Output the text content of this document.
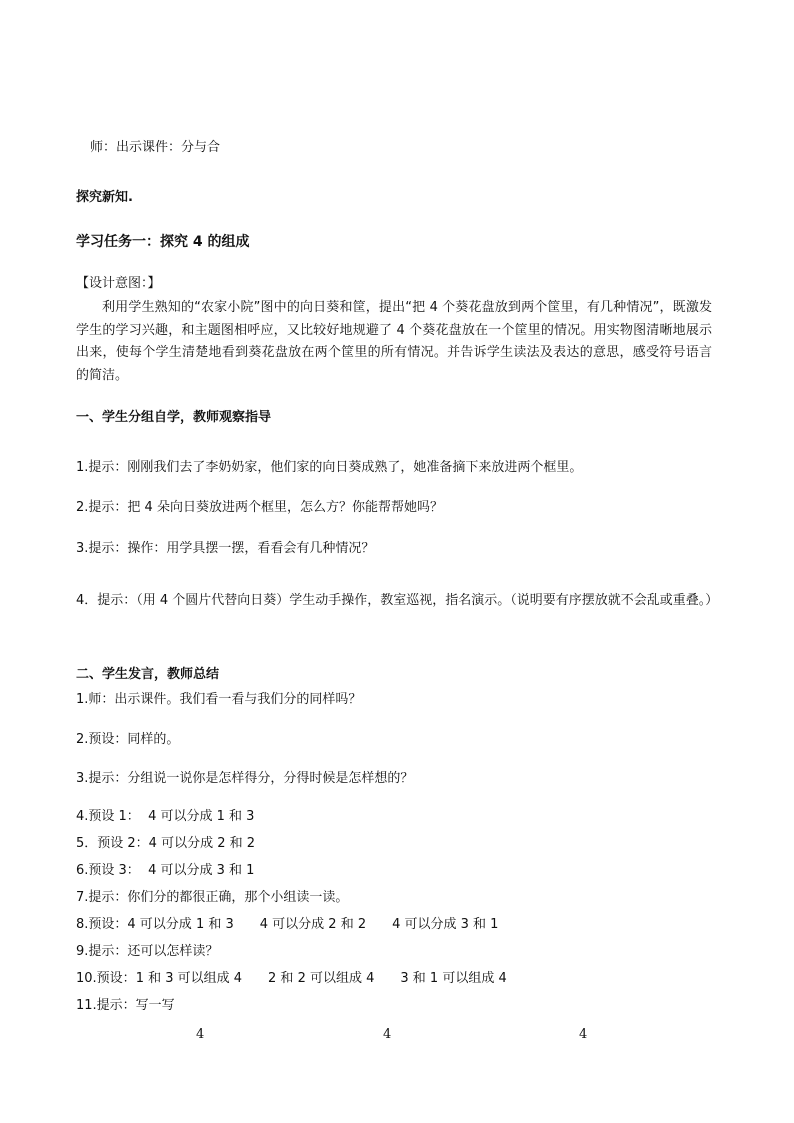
师：出示课件：分与合
探究新知.
学习任务一：探究 4 的组成
【设计意图：】
利用学生熟知的“农家小院”图中的向日葵和筐，提出“把 4 个葵花盘放到两个筐里，有几种情况”，既激发学生的学习兴趣，和主题图相呼应，又比较好地规避了 4 个葵花盘放在一个筐里的情况。用实物图清晰地展示出来，使每个学生清楚地看到葵花盘放在两个筐里的所有情况。并告诉学生读法及表达的意思，感受符号语言的简洁。
一、学生分组自学，教师观察指导
1.提示：刚刚我们去了李奶奶家，他们家的向日葵成熟了，她准备摘下来放进两个框里。
2.提示：把 4 朵向日葵放进两个框里，怎么方？你能帮帮她吗？
3.提示：操作：用学具摆一摆，看看会有几种情况？
4．提示：（用 4 个圆片代替向日葵）学生动手操作，教室巡视，指名演示。（说明要有序摆放就不会乱或重叠。）
二、学生发言，教师总结
1.师：出示课件。我们看一看与我们分的同样吗？
2.预设：同样的。
3.提示：分组说一说你是怎样得分，分得时候是怎样想的？
4.预设 1：  4 可以分成 1 和 3
5．预设 2：4 可以分成 2 和 2
6.预设 3：  4 可以分成 3 和 1
7.提示：你们分的都很正确，那个小组读一读。
8.预设：4 可以分成 1 和 3 4 可以分成 2 和 2 4 可以分成 3 和 1
9.提示：还可以怎样读？
10.预设：1 和 3 可以组成 4 2 和 2 可以组成 4 3 和 1 可以组成 4
11.提示：写一写
4	4	4
